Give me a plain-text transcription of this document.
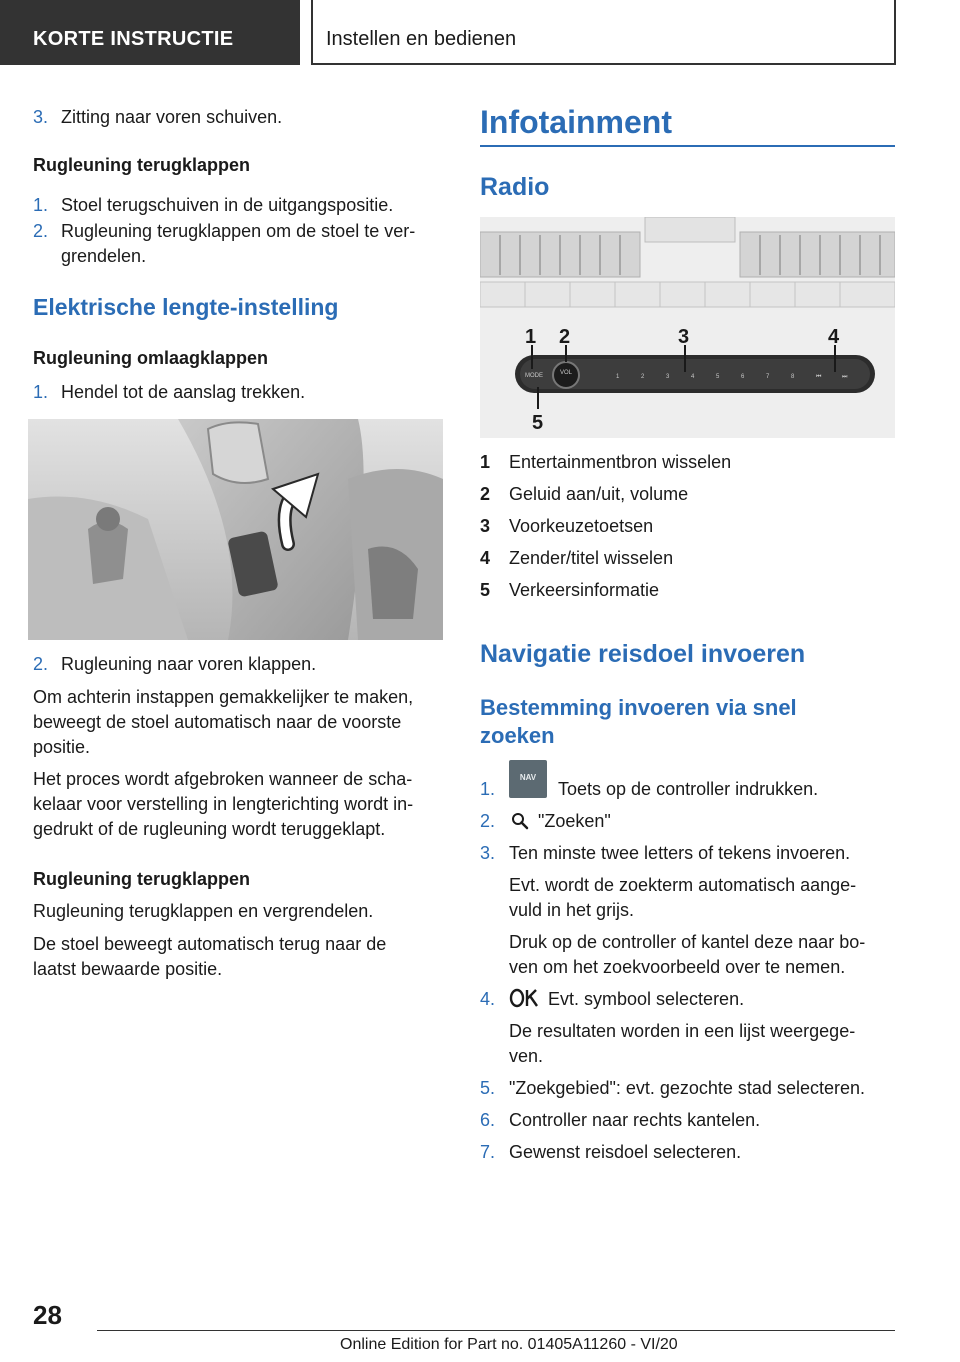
KORTE INSTRUCTIE	Instellen en bedienen
3. Zitting naar voren schuiven.
Rugleuning terugklappen
1. Stoel terugschuiven in de uitgangspositie.
2. Rugleuning terugklappen om de stoel te ver-
grendelen.
Elektrische lengte-instelling
Rugleuning omlaagklappen
1. Hendel tot de aanslag trekken.
2. Rugleuning naar voren klappen.
Om achterin instappen gemakkelijker te maken,
beweegt de stoel automatisch naar de voorste
positie.
Het proces wordt afgebroken wanneer de scha-
kelaar voor verstelling in lengterichting wordt in-
gedrukt of de rugleuning wordt teruggeklapt.
Rugleuning terugklappen
Rugleuning terugklappen en vergrendelen.
De stoel beweegt automatisch terug naar de
laatst bewaarde positie.
Infotainment
Radio
MODE	VOL
1	2	3	4	5	6	7	8	⏮	⏭
1 2	3	4
5
1 Entertainmentbron wisselen
2 Geluid aan/uit, volume
3 Voorkeuzetoetsen
4 Zender/titel wisselen
5 Verkeersinformatie
Navigatie reisdoel invoeren
Bestemming invoeren via snel
zoeken
1.
NAV
Toets op de controller indrukken.
2. "Zoeken"
3. Ten minste twee letters of tekens invoeren.
Evt. wordt de zoekterm automatisch aange-
vuld in het grijs.
Druk op de controller of kantel deze naar bo-
ven om het zoekvoorbeeld over te nemen.
4.	Evt. symbool selecteren.
De resultaten worden in een lijst weergege-
ven.
5. "Zoekgebied": evt. gezochte stad selecteren.
6. Controller naar rechts kantelen.
7. Gewenst reisdoel selecteren.
28
Online Edition for Part no. 01405A11260 - VI/20
